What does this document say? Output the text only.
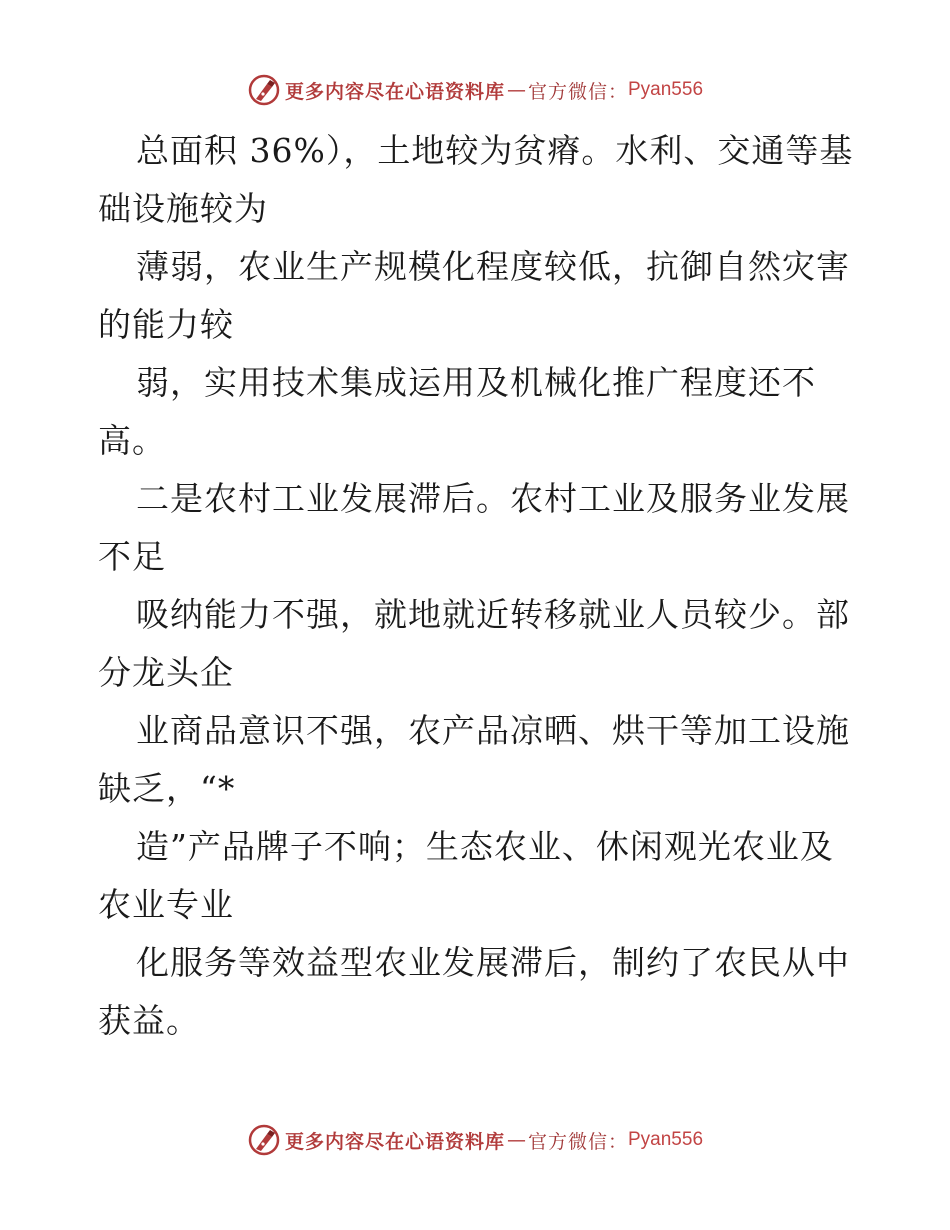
更多内容尽在心语资料库 — 官方微信： Pyan556
总面积 36%），土地较为贫瘠。水利、交通等基
础设施较为
薄弱，农业生产规模化程度较低，抗御自然灾害
的能力较
弱，实用技术集成运用及机械化推广程度还不
高。
二是农村工业发展滞后。农村工业及服务业发展
不足
吸纳能力不强，就地就近转移就业人员较少。部
分龙头企
业商品意识不强，农产品凉晒、烘干等加工设施
缺乏，“*
造”产品牌子不响；生态农业、休闲观光农业及
农业专业
化服务等效益型农业发展滞后，制约了农民从中
获益。
更多内容尽在心语资料库 — 官方微信： Pyan556
